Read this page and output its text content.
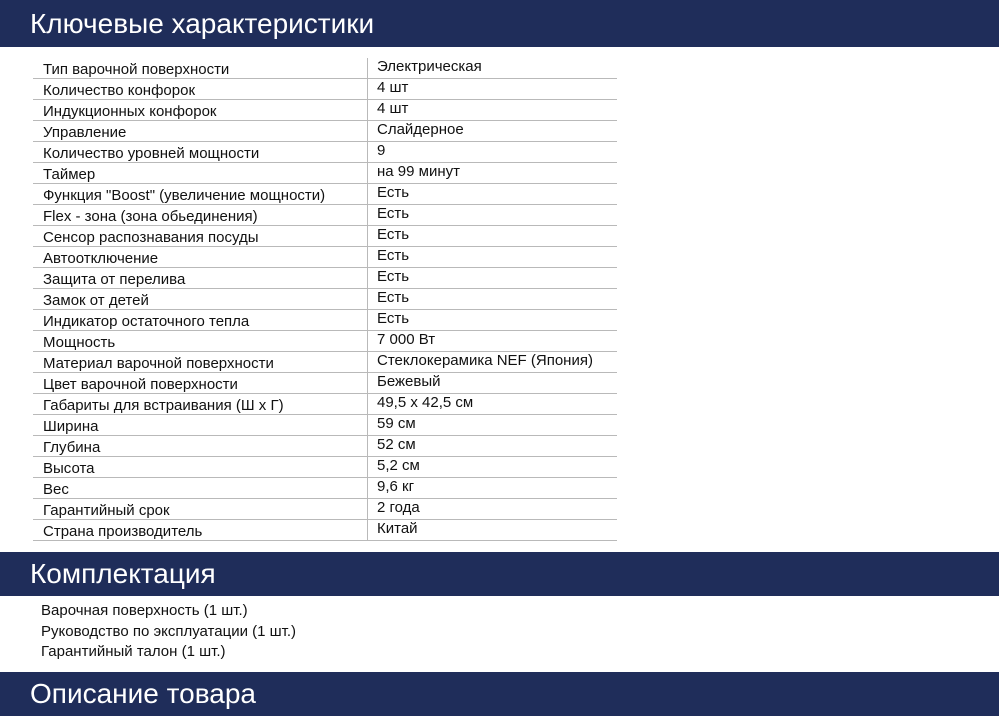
Ключевые характеристики
Тип варочной поверхности	Электрическая
Количество конфорок	4 шт
Индукционных конфорок	4 шт
Управление	Слайдерное
Количество уровней мощности	9
Таймер	на 99 минут
Функция "Boost" (увеличение мощности)	Есть
Flex - зона (зона обьединения)	Есть
Сенсор распознавания посуды	Есть
Автоотключение	Есть
Защита от перелива	Есть
Замок от детей	Есть
Индикатор остаточного тепла	Есть
Мощность	7 000 Вт
Материал варочной поверхности	Стеклокерамика NEF (Япония)
Цвет варочной поверхности	Бежевый
Габариты для встраивания (Ш х Г)	49,5 х 42,5 см
Ширина	59 см
Глубина	52 см
Высота	5,2 см
Вес	9,6 кг
Гарантийный срок	2 года
Страна производитель	Китай
Комплектация
Варочная поверхность (1 шт.)
Руководство по эксплуатации (1 шт.)
Гарантийный талон (1 шт.)
Описание товара
